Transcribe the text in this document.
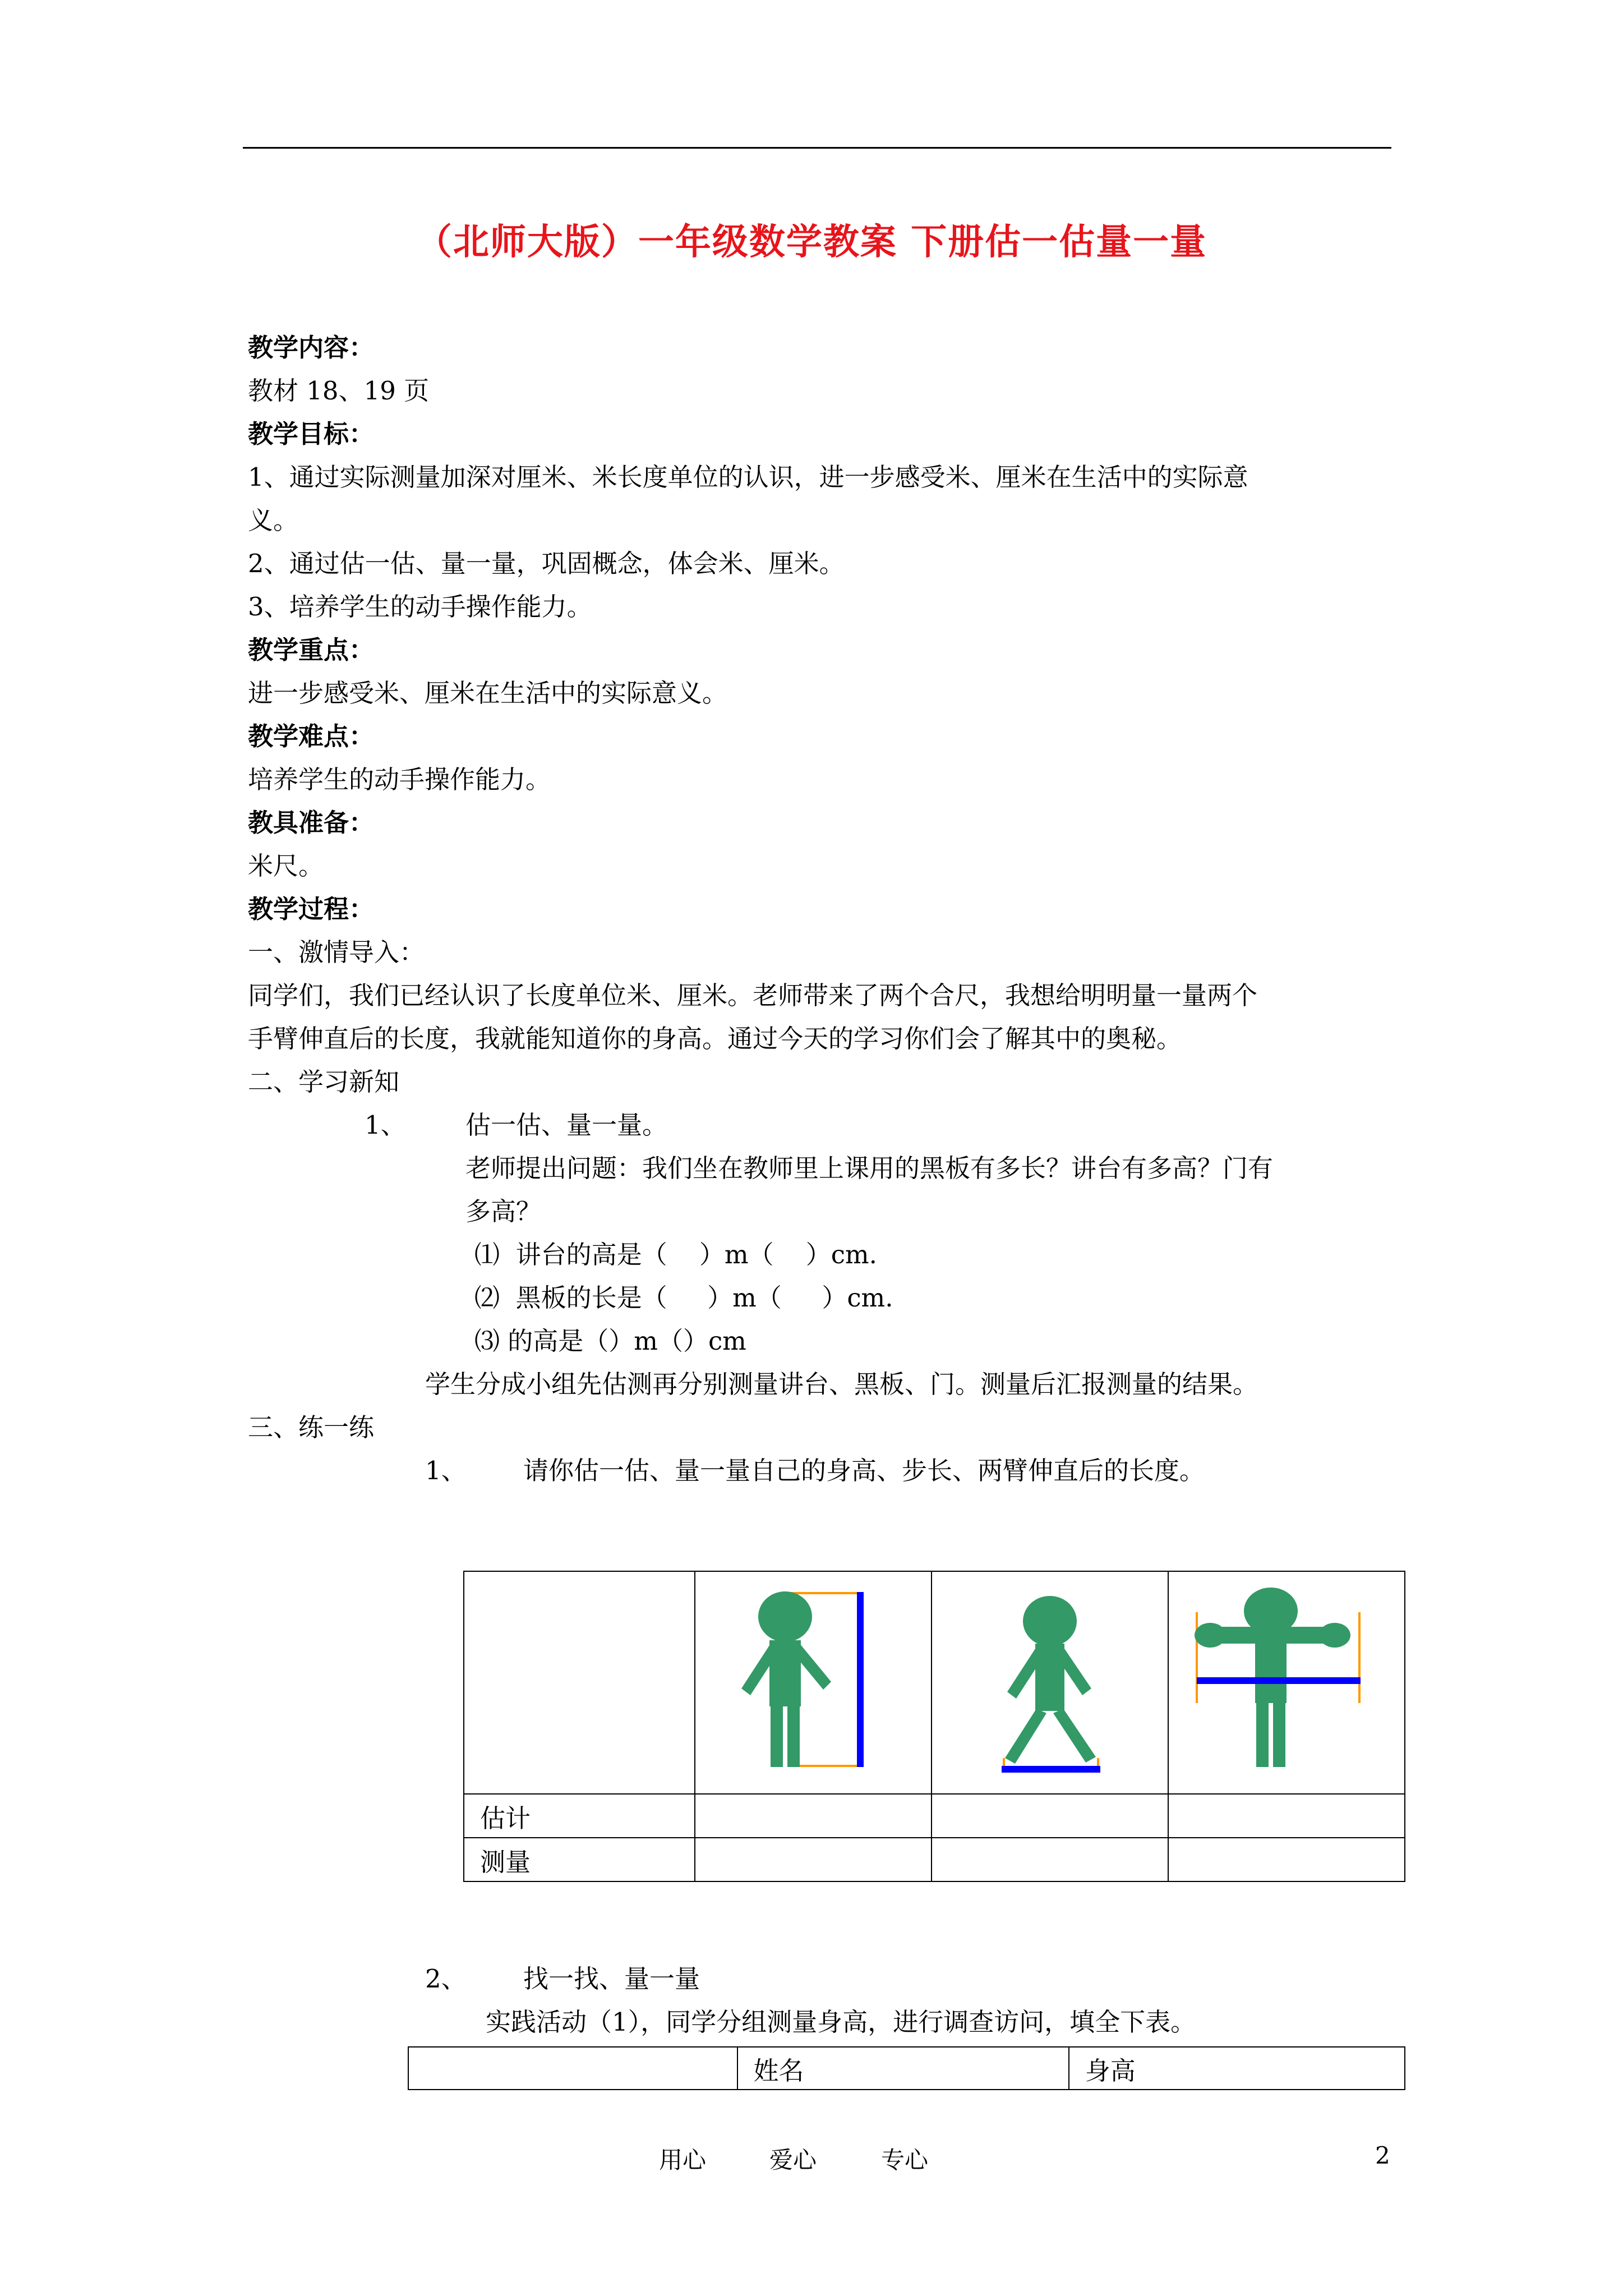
（北师大版）一年级数学教案 下册估一估量一量
教学内容：
教材 18、19 页
教学目标：
1、通过实际测量加深对厘米、米长度单位的认识，进一步感受米、厘米在生活中的实际意
义。
2、通过估一估、量一量，巩固概念，体会米、厘米。
3、培养学生的动手操作能力。
教学重点：
进一步感受米、厘米在生活中的实际意义。
教学难点：
培养学生的动手操作能力。
教具准备：
米尺。
教学过程：
一、激情导入：
同学们，我们已经认识了长度单位米、厘米。老师带来了两个合尺，我想给明明量一量两个
手臂伸直后的长度，我就能知道你的身高。通过今天的学习你们会了解其中的奥秘。
二、学习新知
1、 估一估、量一量。
老师提出问题：我们坐在教师里上课用的黑板有多长？讲台有多高？门有
多高？
⑴  讲台的高是（    ）m（    ）cm.
⑵  黑板的长是（     ）m（     ）cm.
⑶ 的高是（）m（）cm
学生分成小组先估测再分别测量讲台、黑板、门。测量后汇报测量的结果。
三、练一练
1、 请你估一估、量一量自己的身高、步长、两臂伸直后的长度。

估计			
测量			
2、 找一找、量一量
实践活动（1），同学分组测量身高，进行调查访问，填全下表。
	姓名	身高
用心	爱心	专心	2
